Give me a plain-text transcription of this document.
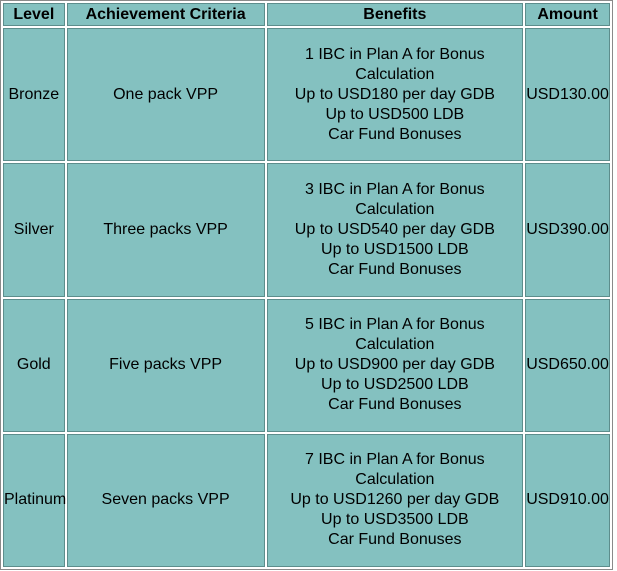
Level	Achievement Criteria	Benefits	Amount
Bronze	One pack VPP	1 IBC in Plan A for Bonus
Calculation
Up to USD180 per day GDB
Up to USD500 LDB
Car Fund Bonuses	USD130.00
Silver	Three packs VPP	3 IBC in Plan A for Bonus
Calculation
Up to USD540 per day GDB
Up to USD1500 LDB
Car Fund Bonuses	USD390.00
Gold	Five packs VPP	5 IBC in Plan A for Bonus
Calculation
Up to USD900 per day GDB
Up to USD2500 LDB
Car Fund Bonuses	USD650.00
Platinum	Seven packs VPP	7 IBC in Plan A for Bonus
Calculation
Up to USD1260 per day GDB
Up to USD3500 LDB
Car Fund Bonuses	USD910.00
